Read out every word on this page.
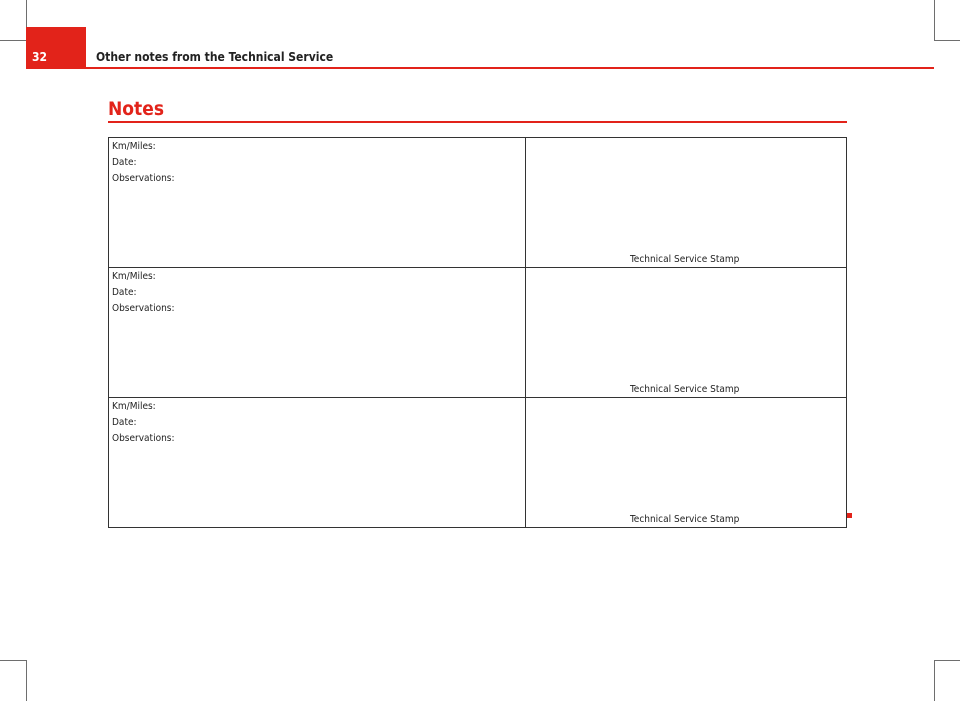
32	Other notes from the Technical Service
Notes
Km/Miles:
Date:
Observations:	Technical Service Stamp

Km/Miles:
Date:
Observations:	Technical Service Stamp

Km/Miles:
Date:
Observations:	Technical Service Stamp
